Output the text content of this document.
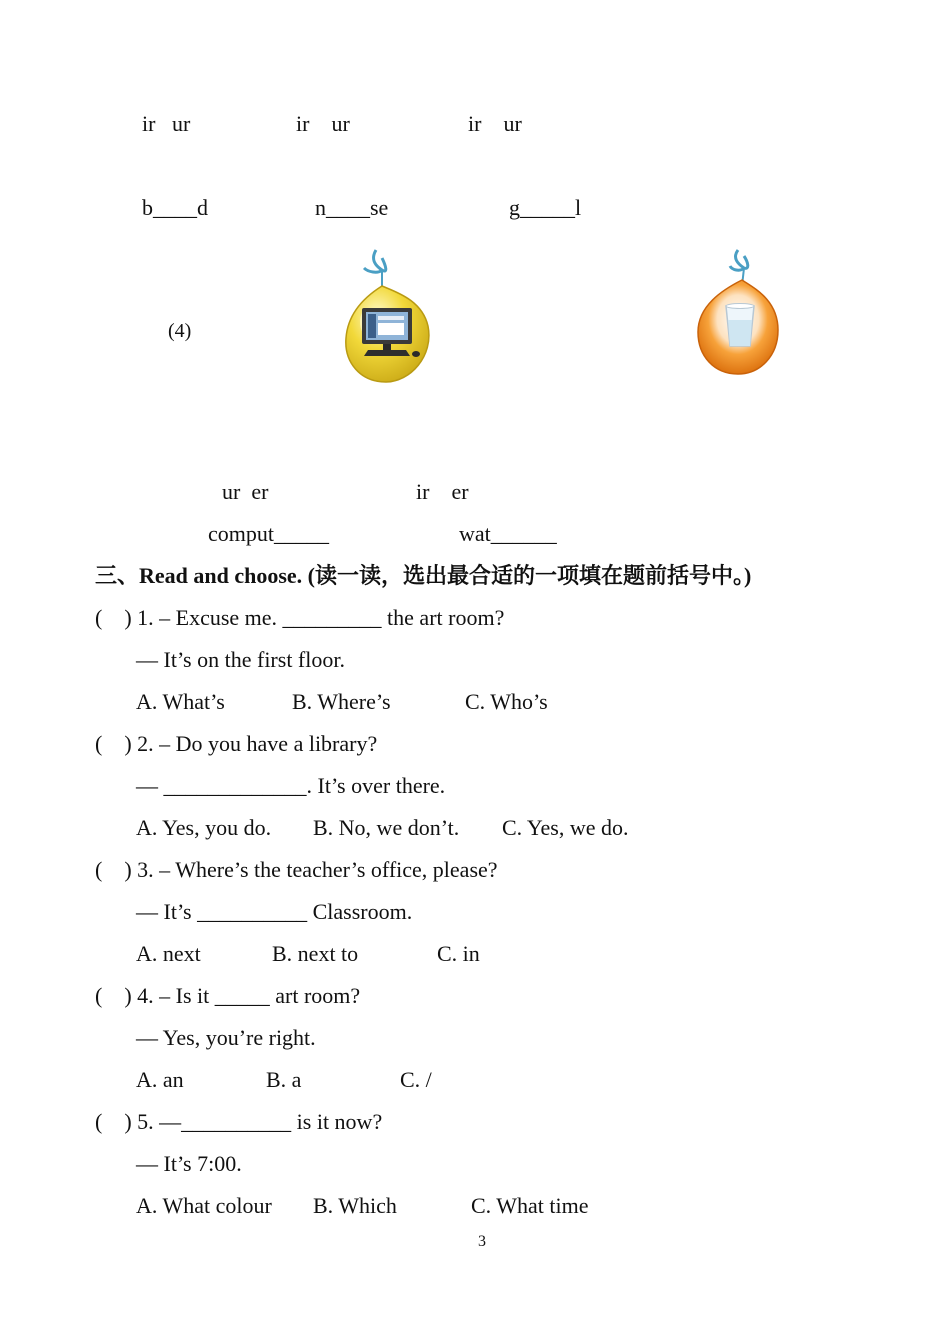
ir   ur	ir    ur	ir    ur
b____d	n____se	g_____l
(4)
ur  er	ir    er
comput_____	wat______
三、Read and choose. (读一读，选出最合适的一项填在题前括号中。)
(    ) 1. – Excuse me. _________ the art room?
— It’s on the first floor.
A. What’s	B. Where’s	C. Who’s
(    ) 2. – Do you have a library?
— _____________. It’s over there.
A. Yes, you do. B. No, we don’t. C. Yes, we do.
(    ) 3. – Where’s the teacher’s office, please?
— It’s __________ Classroom.
A. next	B. next to	C. in
(    ) 4. – Is it _____ art room?
— Yes, you’re right.
A. an	B. a	C. /
(    ) 5. —__________ is it now?
— It’s 7:00.
A. What colour B. Which	C. What time
3
